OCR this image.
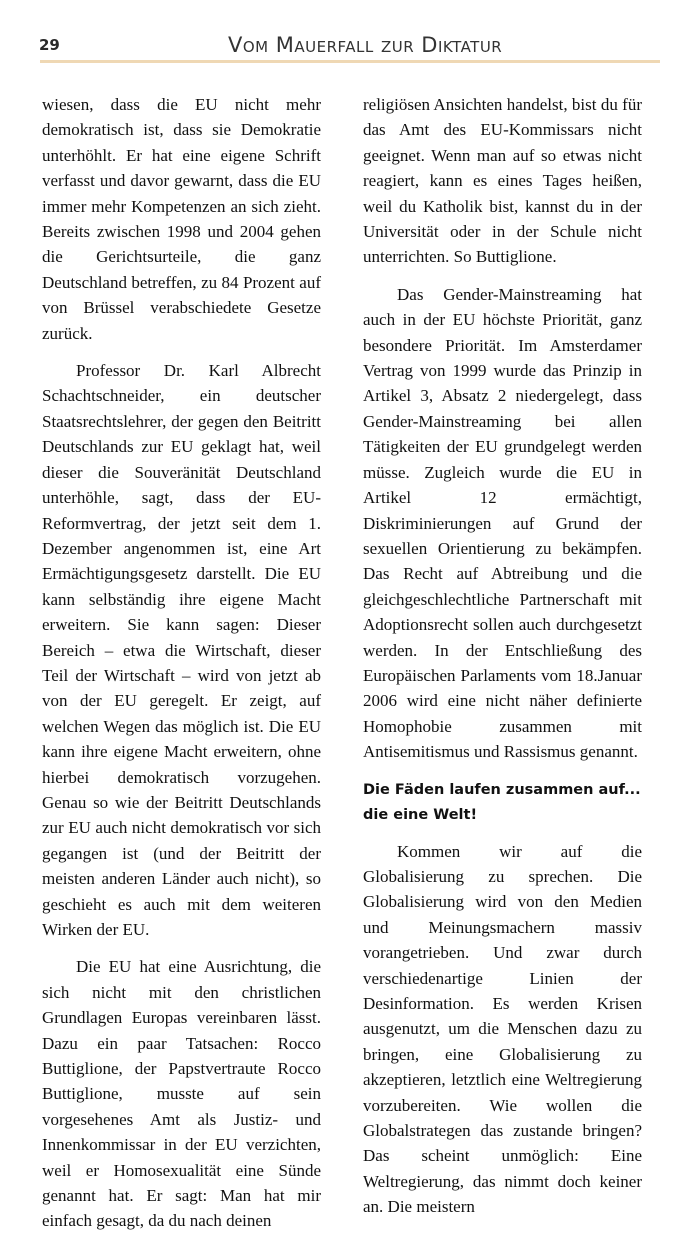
29	Vom Mauerfall zur Diktatur

wiesen, dass die EU nicht mehr demokratisch ist, dass sie Demokratie unterhöhlt. Er hat eine eigene Schrift verfasst und davor gewarnt, dass die EU immer mehr Kompetenzen an sich zieht. Bereits zwischen 1998 und 2004 gehen die Gerichtsurteile, die ganz Deutschland betreffen, zu 84 Prozent auf von Brüssel verabschiedete Gesetze zurück.

Professor Dr. Karl Albrecht Schachtschneider, ein deutscher Staatsrechtslehrer, der gegen den Beitritt Deutschlands zur EU geklagt hat, weil dieser die Souveränität Deutschland unterhöhle, sagt, dass der EU-Reformvertrag, der jetzt seit dem 1. Dezember angenommen ist, eine Art Ermächtigungsgesetz darstellt. Die EU kann selbständig ihre eigene Macht erweitern. Sie kann sagen: Dieser Bereich – etwa die Wirtschaft, dieser Teil der Wirtschaft – wird von jetzt ab von der EU geregelt. Er zeigt, auf welchen Wegen das möglich ist. Die EU kann ihre eigene Macht erweitern, ohne hierbei demokratisch vorzugehen. Genau so wie der Beitritt Deutschlands zur EU auch nicht demokratisch vor sich gegangen ist (und der Beitritt der meisten anderen Länder auch nicht), so geschieht es auch mit dem weiteren Wirken der EU.

Die EU hat eine Ausrichtung, die sich nicht mit den christlichen Grundlagen Europas vereinbaren lässt. Dazu ein paar Tatsachen: Rocco Buttiglione, der Papstvertraute Rocco Buttiglione, musste auf sein vorgesehenes Amt als Justiz- und Innenkommissar in der EU verzichten, weil er Homosexualität eine Sünde genannt hat. Er sagt: Man hat mir einfach gesagt, da du nach deinen

religiösen Ansichten handelst, bist du für das Amt des EU-Kommissars nicht geeignet. Wenn man auf so etwas nicht reagiert, kann es eines Tages heißen, weil du Katholik bist, kannst du in der Universität oder in der Schule nicht unterrichten. So Buttiglione.

Das Gender-Mainstreaming hat auch in der EU höchste Priorität, ganz besondere Priorität. Im Amsterdamer Vertrag von 1999 wurde das Prinzip in Artikel 3, Absatz 2 niedergelegt, dass Gender-Mainstreaming bei allen Tätigkeiten der EU grundgelegt werden müsse. Zugleich wurde die EU in Artikel 12 ermächtigt, Diskriminierungen auf Grund der sexuellen Orientierung zu bekämpfen. Das Recht auf Abtreibung und die gleichgeschlechtliche Partnerschaft mit Adoptionsrecht sollen auch durchgesetzt werden. In der Entschließung des Europäischen Parlaments vom 18.Januar 2006 wird eine nicht näher definierte Homophobie zusammen mit Antisemitismus und Rassismus genannt.

Die Fäden laufen zusammen auf... die eine Welt!

Kommen wir auf die Globalisierung zu sprechen. Die Globalisierung wird von den Medien und Meinungsmachern massiv vorangetrieben. Und zwar durch verschiedenartige Linien der Desinformation. Es werden Krisen ausgenutzt, um die Menschen dazu zu bringen, eine Globalisierung zu akzeptieren, letztlich eine Weltregierung vorzubereiten. Wie wollen die Globalstrategen das zustande bringen? Das scheint unmöglich: Eine Weltregierung, das nimmt doch keiner an. Die meistern
